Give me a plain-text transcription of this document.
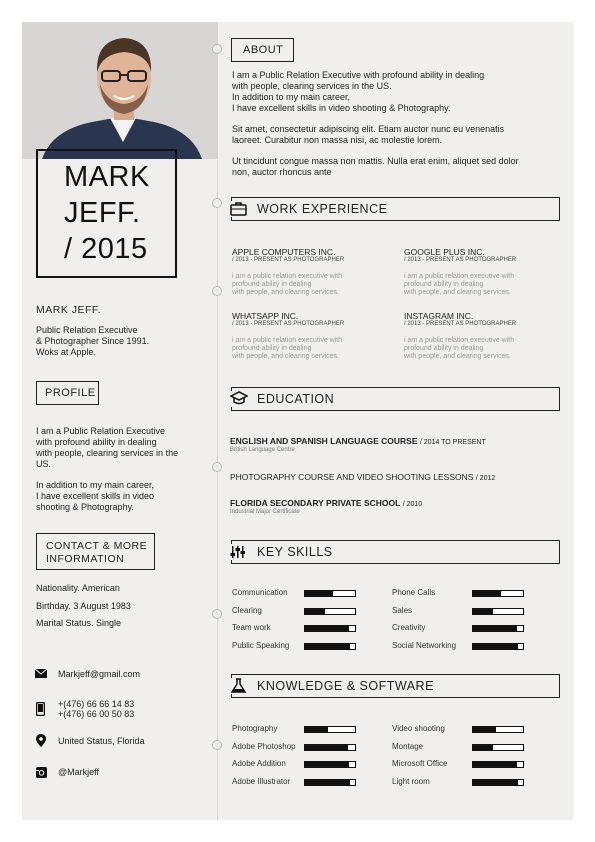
MARK
JEFF.
/ 2015
MARK JEFF.
Public Relation Executive
& Photographer Since 1991.
Woks at Apple.
PROFILE
I am a Public Relation Executive
with profound ability in dealing
with people, clearing services in the
US.
In addition to my main career,
I have excellent skills in video
shooting & Photography.
CONTACT & MORE
INFORMATION
Nationality. American
Birthday. 3 August 1983
Marital Status. Single
Markjeff@gmail.com
+(476) 66 66 14 83
+(476) 66 00 50 83
United Status, Florida
@Markjeff
›
›
›
›
ABOUT
I am a Public Relation Executive with profound ability in dealing
with people, clearing services in the US.
In addition to my main career,
I have excellent skills in video shooting & Photography.
Sit amet, consectetur adipiscing elit. Etiam auctor nunc eu venenatis
laoreet. Curabitur non massa nisi, ac molestie lorem.
Ut tincidunt congue massa non mattis. Nulla erat enim, aliquet sed dolor
non, auctor rhoncus ante
WORK EXPERIENCE
APPLE COMPUTERS INC.
/ 2013 - PRESENT AS PHOTOGRAPHER
i am a public relation executive with
profound ability in dealing
with people, and clearing services.
GOOGLE PLUS INC.
/ 2013 - PRESENT AS PHOTOGRAPHER
i am a public relation executive with
profound ability in dealing
with people, and clearing services.
WHATSAPP INC.
/ 2013 - PRESENT AS PHOTOGRAPHER
i am a public relation executive with
profound ability in dealing
with people, and clearing services.
INSTAGRAM INC.
/ 2013 - PRESENT AS PHOTOGRAPHER
i am a public relation executive with
profound ability in dealing
with people, and clearing services.
EDUCATION
ENGLISH AND SPANISH LANGUAGE COURSE / 2014 TO PRESENT
British Language Centre
PHOTOGRAPHY COURSE AND VIDEO SHOOTING LESSONS / 2012
FLORIDA SECONDARY PRIVATE SCHOOL / 2010
Industrial Major Certificate
KEY SKILLS
Communication
Clearing
Team work
Public Speaking
Phone Calls
Sales
Creativity
Social Networking
KNOWLEDGE & SOFTWARE
Photography
Adobe Photoshop
Adobe Addition
Adobe Illustrator
Video shooting
Montage
Microsoft Office
Light room
